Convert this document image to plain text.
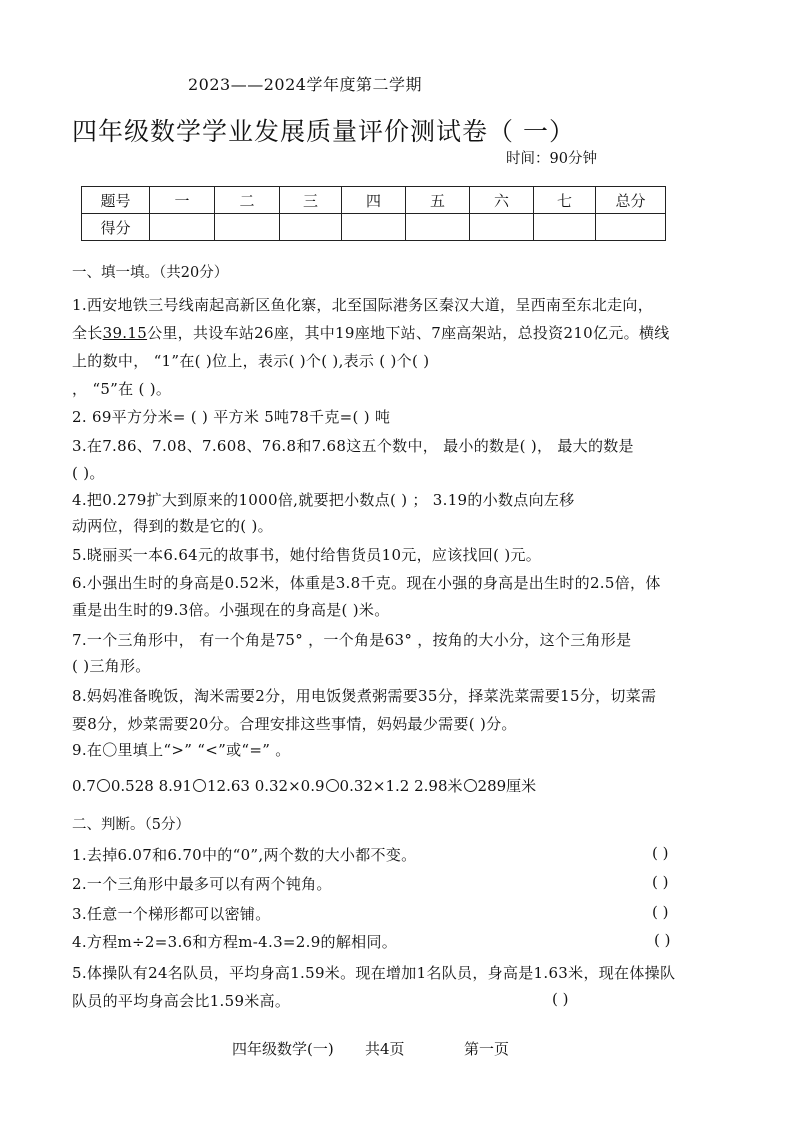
2023——2024学年度第二学期
四年级数学学业发展质量评价测试卷（ 一）
时间：90分钟
题号	一	二	三	四	五	六	七	总分
得分								
一、填一填。（共20分）
1.西安地铁三号线南起高新区鱼化寨，北至国际港务区秦汉大道，呈西南至东北走向，
全长39.15公里，共设车站26座，其中19座地下站、7座高架站，总投资210亿元。横线
上的数中， “1”在( )位上，表示( )个( ),表示 ( )个( )
， “5”在 ( )。
2. 69平方分米= ( ) 平方米 5吨78千克=( ) 吨
3.在7.86、7.08、7.608、76.8和7.68这五个数中， 最小的数是( )， 最大的数是
( )。
4.把0.279扩大到原来的1000倍,就要把小数点( ) ； 3.19的小数点向左移
动两位，得到的数是它的( )。
5.晓丽买一本6.64元的故事书，她付给售货员10元，应该找回( )元。
6.小强出生时的身高是0.52米，体重是3.8千克。现在小强的身高是出生时的2.5倍，体
重是出生时的9.3倍。小强现在的身高是( )米。
7.一个三角形中， 有一个角是75° ，一个角是63° ，按角的大小分，这个三角形是
( )三角形。
8.妈妈准备晚饭，淘米需要2分，用电饭煲煮粥需要35分，择菜洗菜需要15分，切菜需
要8分，炒菜需要20分。合理安排这些事情，妈妈最少需要( )分。
9.在〇里填上“>” “<”或“=” 。
0.7 0.528 8.91 12.63 0.32×0.9 0.32×1.2 2.98米 289厘米
二、判断。（5分）
1.去掉6.07和6.70中的“0”,两个数的大小都不变。	( )
2.一个三角形中最多可以有两个钝角。	( )
3.任意一个梯形都可以密铺。	( )
4.方程m÷2=3.6和方程m-4.3=2.9的解相同。	( )
5.体操队有24名队员，平均身高1.59米。现在增加1名队员，身高是1.63米，现在体操队
队员的平均身高会比1.59米高。	( )
四年级数学(一) 共4页	第一页
